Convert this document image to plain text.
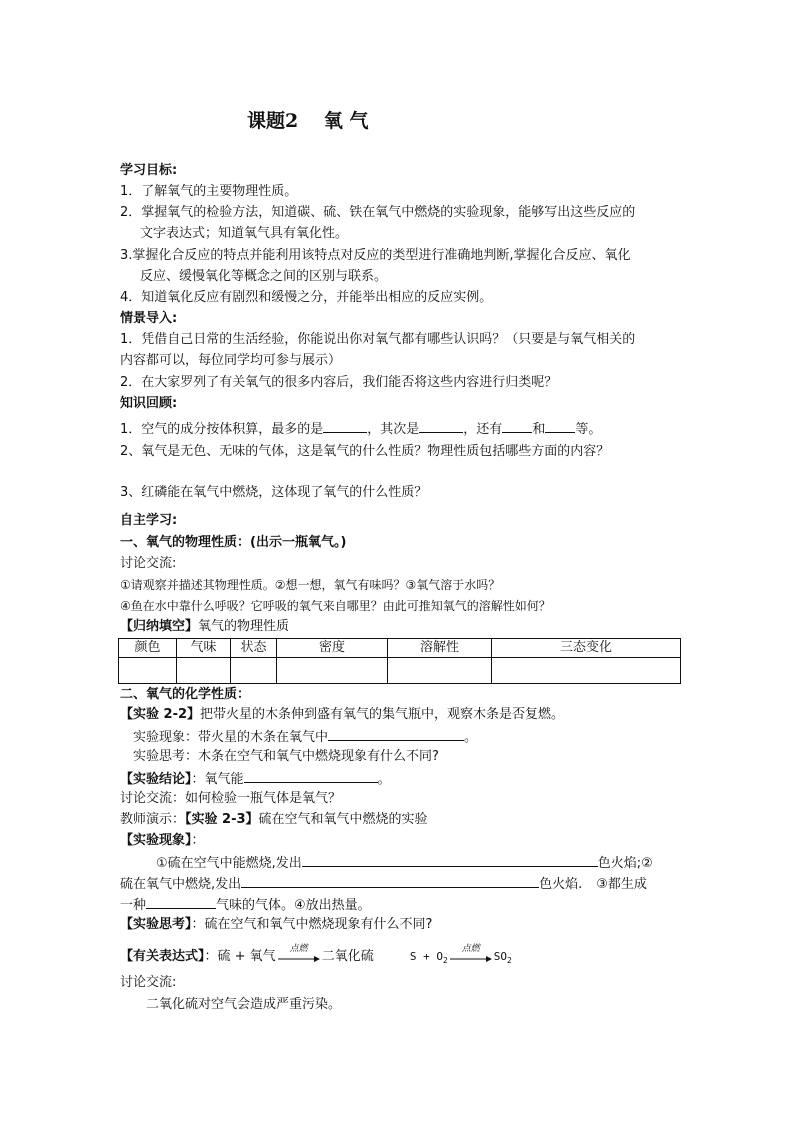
课题2　 氧 气
学习目标:
1．了解氧气的主要物理性质。
2．掌握氧气的检验方法，知道碳、硫、铁在氧气中燃烧的实验现象，能够写出这些反应的
文字表达式；知道氧气具有氧化性。
3.掌握化合反应的特点并能利用该特点对反应的类型进行准确地判断,掌握化合反应、氧化
反应、缓慢氧化等概念之间的区别与联系。
4．知道氧化反应有剧烈和缓慢之分，并能举出相应的反应实例。
情景导入:
1．凭借自己日常的生活经验，你能说出你对氧气都有哪些认识吗？（只要是与氧气相关的
内容都可以，每位同学均可参与展示）
2．在大家罗列了有关氧气的很多内容后，我们能否将这些内容进行归类呢？
知识回顾:
1．空气的成分按体积算，最多的是	，其次是	，还有 和 等。
2、氧气是无色、无味的气体，这是氧气的什么性质？物理性质包括哪些方面的内容？
3、红磷能在氧气中燃烧，这体现了氧气的什么性质？
自主学习:
一、氧气的物理性质：(出示一瓶氧气。)
讨论交流:
①请观察并描述其物理性质。②想一想，氧气有味吗？③氧气溶于水吗？
④鱼在水中靠什么呼吸？它呼吸的氧气来自哪里？由此可推知氧气的溶解性如何？
【归纳填空】氧气的物理性质
颜色	气味	状态	密度	溶解性	三态变化

二、氧气的化学性质：
【实验 2-2】把带火星的木条伸到盛有氧气的集气瓶中，观察木条是否复燃。
实验现象：带火星的木条在氧气中	。
实验思考：木条在空气和氧气中燃烧现象有什么不同?
【实验结论】：氧气能	。
讨论交流：如何检验一瓶气体是氧气？
教师演示：【实验 2-3】硫在空气和氧气中燃烧的实验
【实验现象】：
①硫在空气中能燃烧,发出	色火焰;②
硫在氧气中燃烧,发出	色火焰. ③都生成
一种	气味的气体。④放出热量。
【实验思考】：硫在空气和氧气中燃烧现象有什么不同?
【有关表达式】：硫 + 氧气
点燃
二氧化硫	$S + O_2$
点燃
$SO_2$
讨论交流:
二氧化硫对空气会造成严重污染。
